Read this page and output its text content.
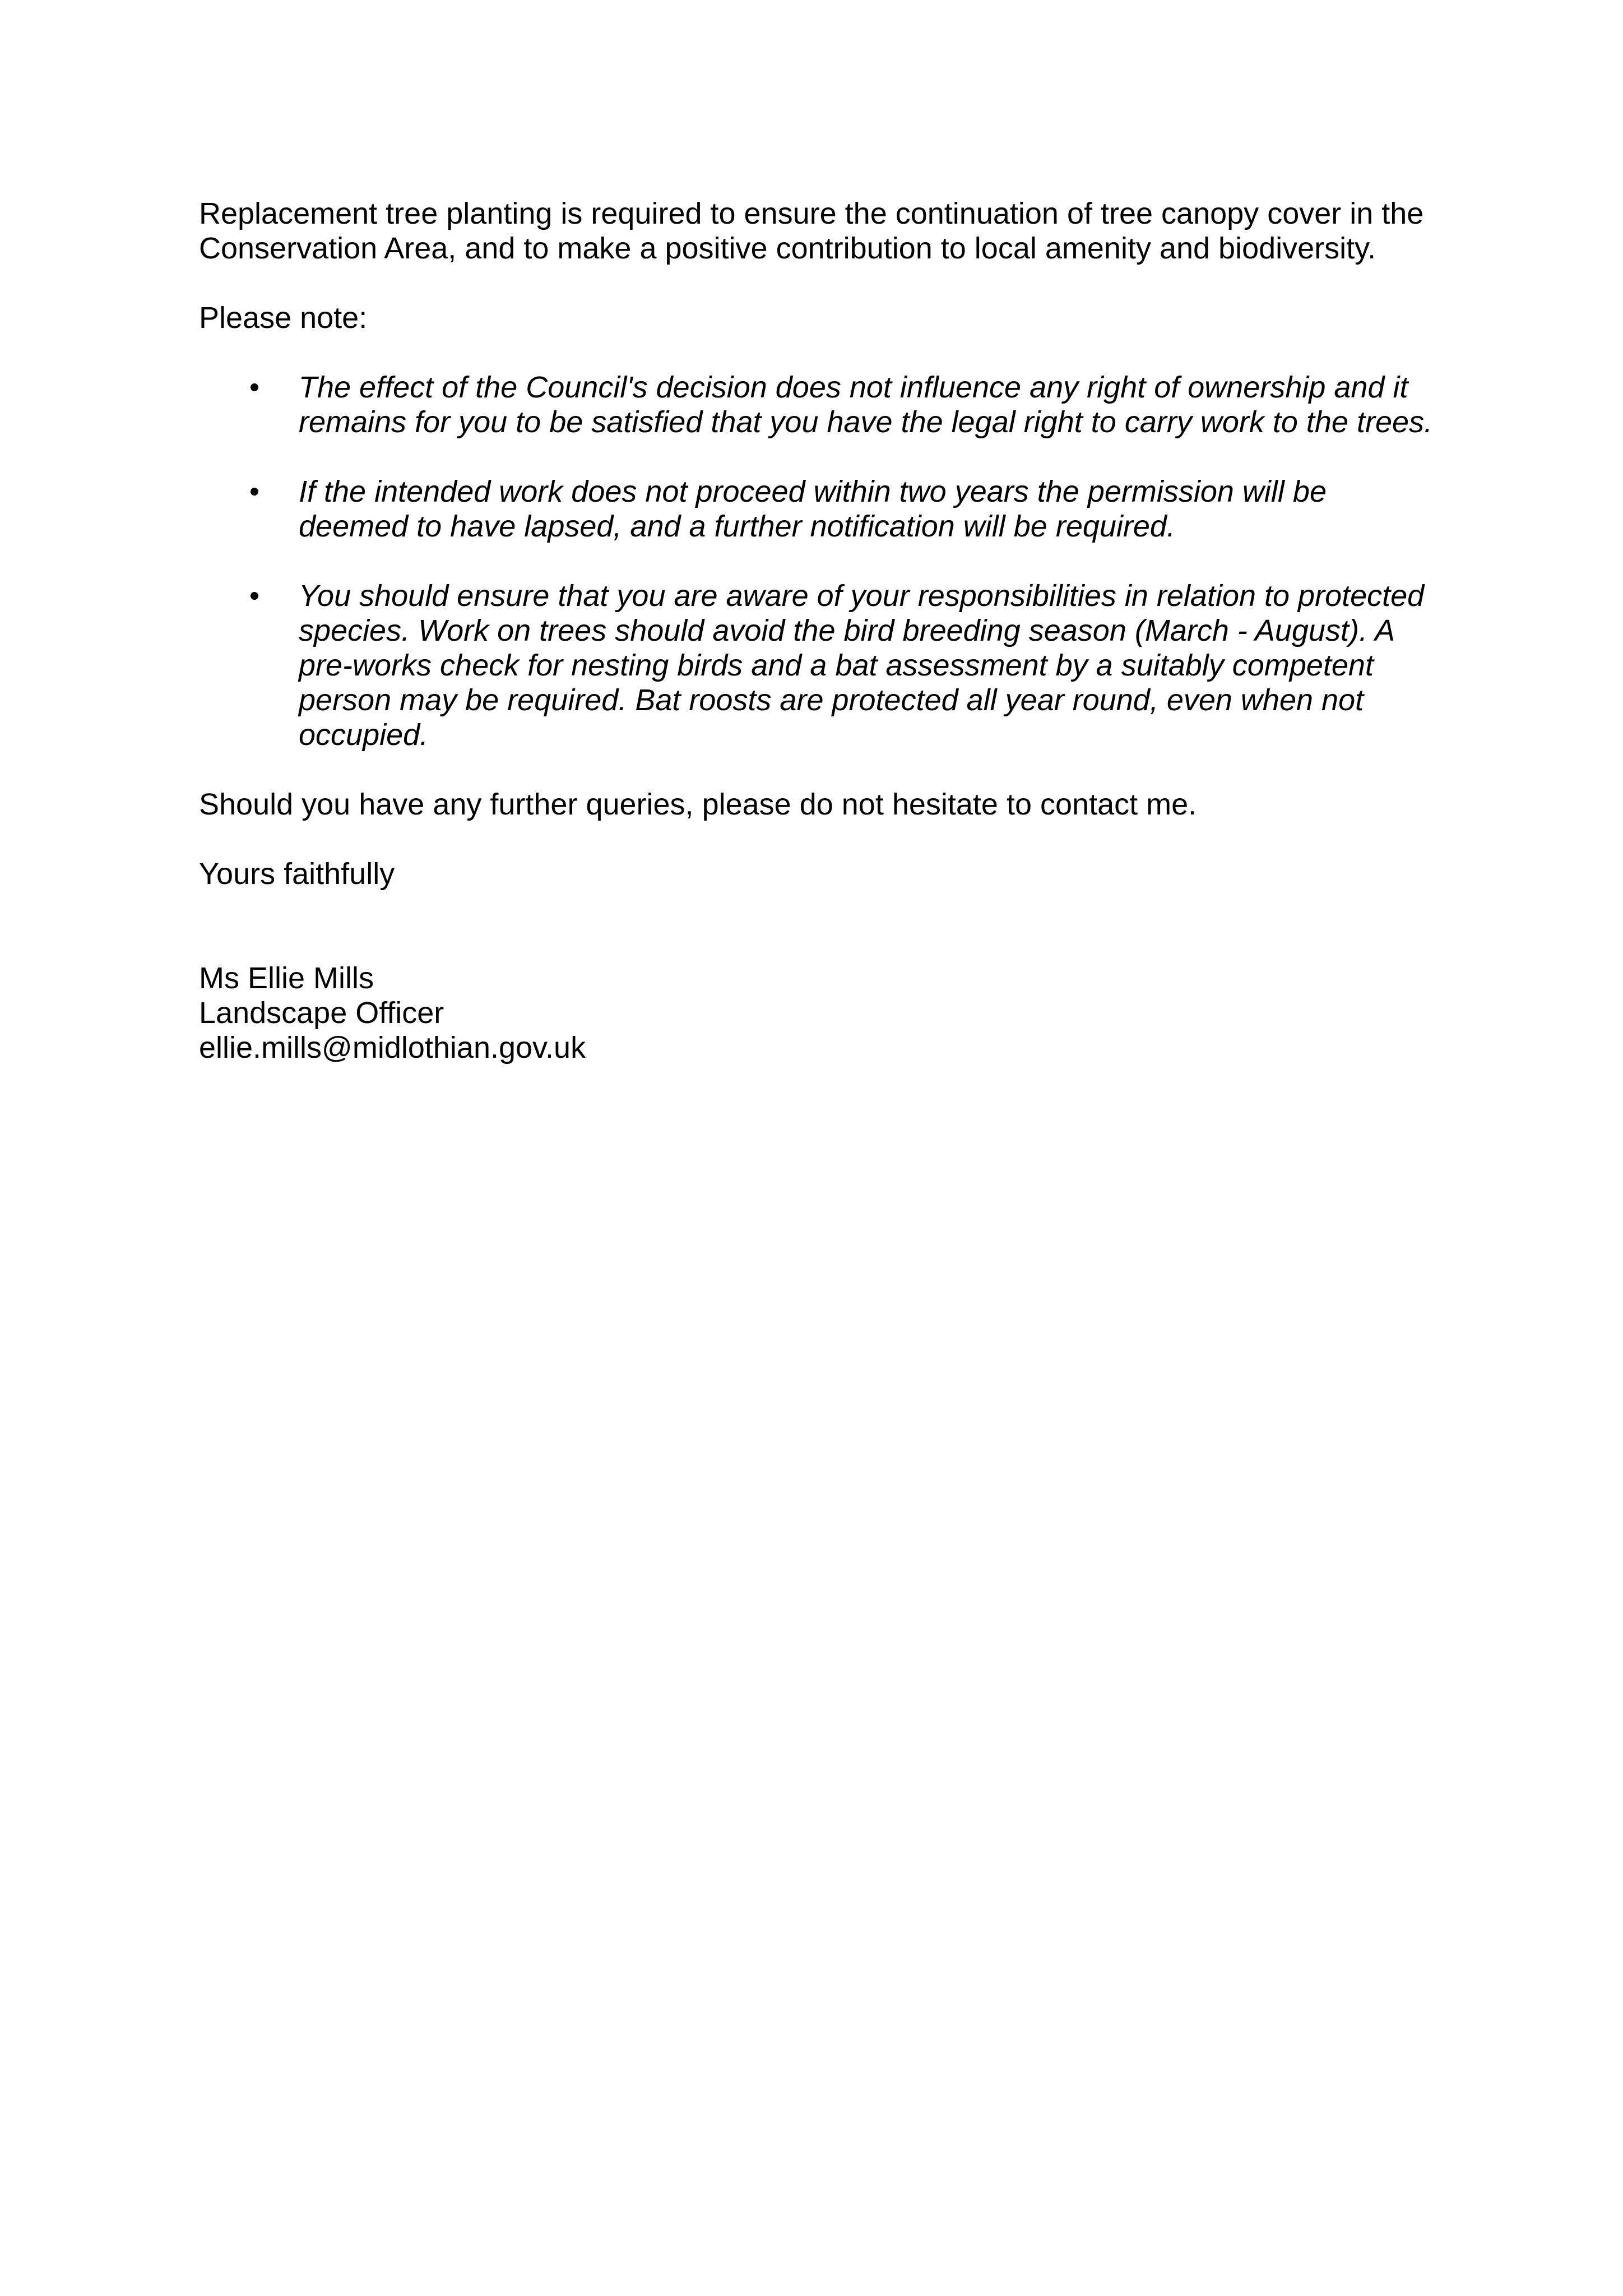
Replacement tree planting is required to ensure the continuation of tree canopy cover in the
Conservation Area, and to make a positive contribution to local amenity and biodiversity.

Please note:

The effect of the Council's decision does not influence any right of ownership and it
remains for you to be satisfied that you have the legal right to carry work to the trees.
If the intended work does not proceed within two years the permission will be
deemed to have lapsed, and a further notification will be required.
You should ensure that you are aware of your responsibilities in relation to protected
species. Work on trees should avoid the bird breeding season (March - August). A
pre-works check for nesting birds and a bat assessment by a suitably competent
person may be required. Bat roosts are protected all year round, even when not
occupied.

Should you have any further queries, please do not hesitate to contact me.

Yours faithfully

Ms Ellie Mills
Landscape Officer
ellie.mills@midlothian.gov.uk
